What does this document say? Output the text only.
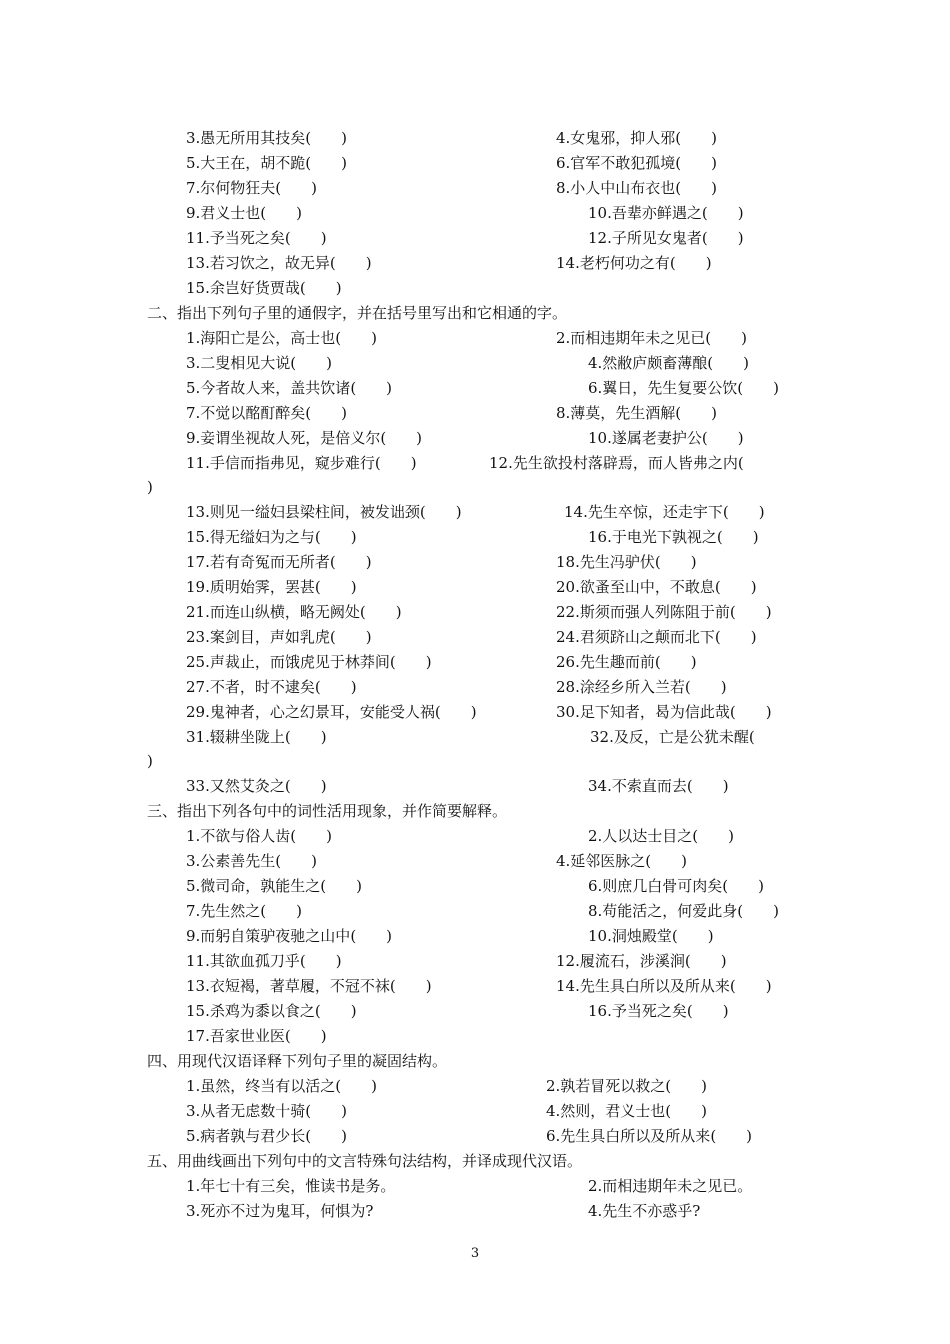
3.愚无所用其技矣(　　)	4.女鬼邪，抑人邪(　　)
5.大王在，胡不跪(　　)	6.官军不敢犯孤境(　　)
7.尔何物狂夫(　　)	8.小人中山布衣也(　　)
9.君义士也(　　)	10.吾辈亦鲜遇之(　　)
11.予当死之矣(　　)	12.子所见女鬼者(　　)
13.若习饮之，故无异(　　)	14.老朽何功之有(　　)
15.余岂好货贾哉(　　)
二、指出下列句子里的通假字，并在括号里写出和它相通的字。
1.海阳亡是公，高士也(　　)	2.而相违期年未之见已(　　)
3.二叟相见大说(　　)	4.然敝庐颇畜薄酿(　　)
5.今者故人来，盖共饮诸(　　)	6.翼日，先生复要公饮(　　)
7.不觉以酩酊醉矣(　　)	8.薄莫，先生酒解(　　)
9.妾谓坐视故人死，是倍义尔(　　)	10.遂属老妻护公(　　)
11.手信而指弗见，窥步难行(　　)	12.先生欲投村落辟焉，而人皆弗之内(
)
13.则见一缢妇县梁柱间，被发诎颈(　　)	14.先生卒惊，还走宇下(　　)
15.得无缢妇为之与(　　)	16.于电光下孰视之(　　)
17.若有奇冤而无所者(　　)	18.先生冯驴伏(　　)
19.质明始霁，罢甚(　　)	20.欲蚤至山中，不敢息(　　)
21.而连山纵横，略无阙处(　　)	22.斯须而强人列陈阻于前(　　)
23.案剑目，声如乳虎(　　)	24.君须跻山之颠而北下(　　)
25.声裁止，而饿虎见于林莽间(　　)	26.先生趣而前(　　)
27.不者，时不逮矣(　　)	28.涂经乡所入兰若(　　)
29.鬼神者，心之幻景耳，安能受人祸(　　)	30.足下知者，曷为信此哉(　　)
31.辍耕坐陇上(　　)	32.及反，亡是公犹未醒(
)
33.又然艾灸之(　　)	34.不索直而去(　　)
三、指出下列各句中的词性活用现象，并作简要解释。
1.不欲与俗人齿(　　)	2.人以达士目之(　　)
3.公素善先生(　　)	4.延邻医脉之(　　)
5.微司命，孰能生之(　　)	6.则庶几白骨可肉矣(　　)
7.先生然之(　　)	8.苟能活之，何爱此身(　　)
9.而躬自策驴夜驰之山中(　　)	10.洞烛殿堂(　　)
11.其欲血孤刀乎(　　)	12.履流石，涉溪涧(　　)
13.衣短褐，著草履，不冠不袜(　　)	14.先生具白所以及所从来(　　)
15.杀鸡为黍以食之(　　)	16.予当死之矣(　　)
17.吾家世业医(　　)
四、用现代汉语译释下列句子里的凝固结构。
1.虽然，终当有以活之(　　)	2.孰若冒死以救之(　　)
3.从者无虑数十骑(　　)	4.然则，君义士也(　　)
5.病者孰与君少长(　　)	6.先生具白所以及所从来(　　)
五、用曲线画出下列句中的文言特殊句法结构，并译成现代汉语。
1.年七十有三矣，惟读书是务。	2.而相违期年未之见已。
3.死亦不过为鬼耳，何惧为?	4.先生不亦惑乎?
3
